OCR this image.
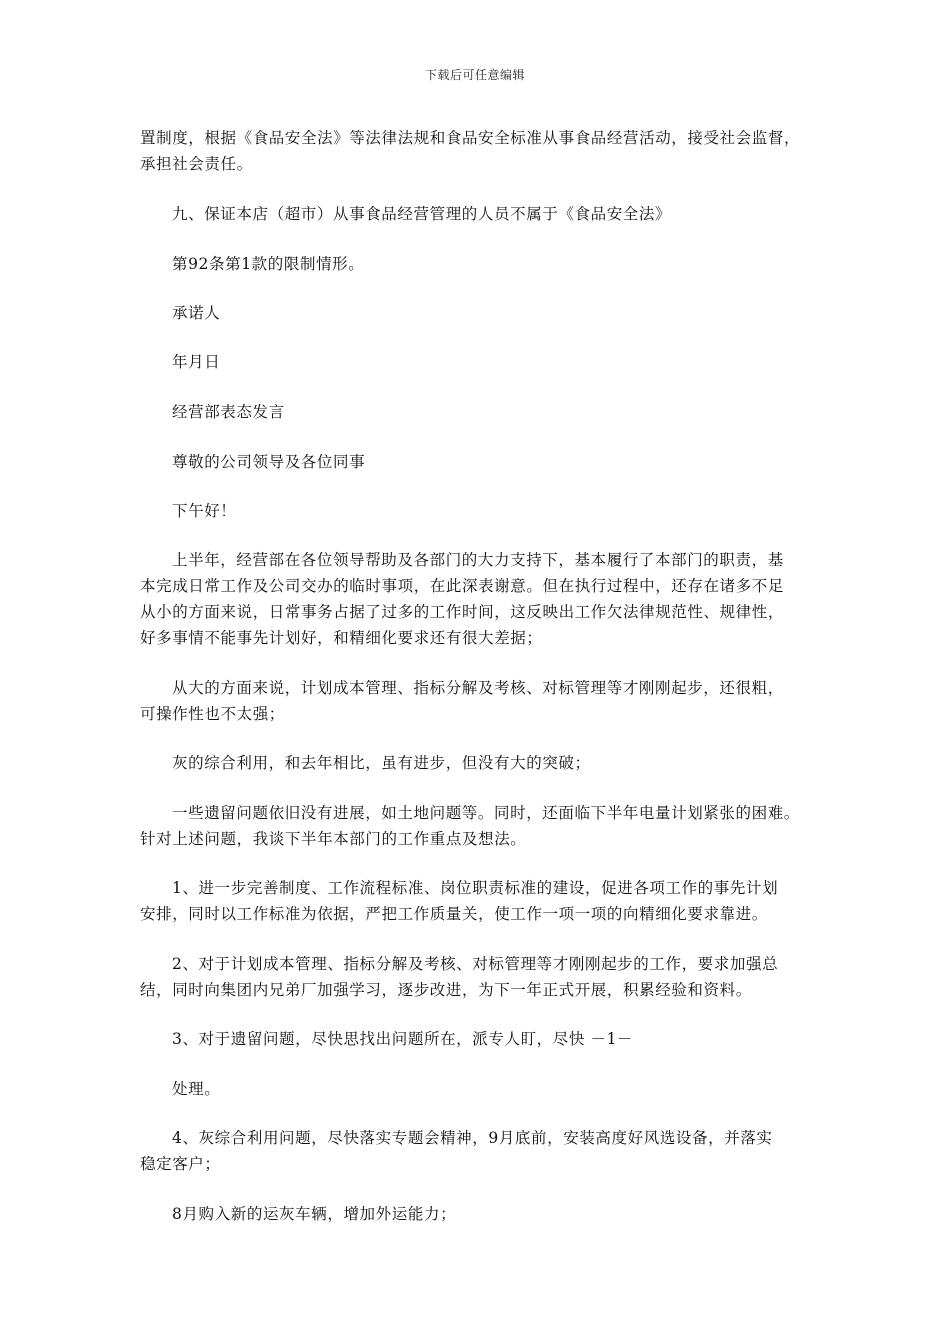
下载后可任意编辑
置制度，根据《食品安全法》等法律法规和食品安全标准从事食品经营活动，接受社会监督，
承担社会责任。
九、保证本店（超市）从事食品经营管理的人员不属于《食品安全法》
第92条第1款的限制情形。
承诺人
年月日
经营部表态发言
尊敬的公司领导及各位同事
下午好！
上半年，经营部在各位领导帮助及各部门的大力支持下，基本履行了本部门的职责，基
本完成日常工作及公司交办的临时事项，在此深表谢意。但在执行过程中，还存在诸多不足
从小的方面来说，日常事务占据了过多的工作时间，这反映出工作欠法律规范性、规律性，
好多事情不能事先计划好，和精细化要求还有很大差据；
从大的方面来说，计划成本管理、指标分解及考核、对标管理等才刚刚起步，还很粗，
可操作性也不太强；
灰的综合利用，和去年相比，虽有进步，但没有大的突破；
一些遗留问题依旧没有进展，如土地问题等。同时，还面临下半年电量计划紧张的困难。
针对上述问题，我谈下半年本部门的工作重点及想法。
1、进一步完善制度、工作流程标准、岗位职责标准的建设，促进各项工作的事先计划
安排，同时以工作标准为依据，严把工作质量关，使工作一项一项的向精细化要求靠进。
2、对于计划成本管理、指标分解及考核、对标管理等才刚刚起步的工作，要求加强总
结，同时向集团内兄弟厂加强学习，逐步改进，为下一年正式开展，积累经验和资料。
3、对于遗留问题，尽快思找出问题所在，派专人盯，尽快 －1－
处理。
4、灰综合利用问题，尽快落实专题会精神，9月底前，安装高度好风选设备，并落实
稳定客户；
8月购入新的运灰车辆，增加外运能力；
